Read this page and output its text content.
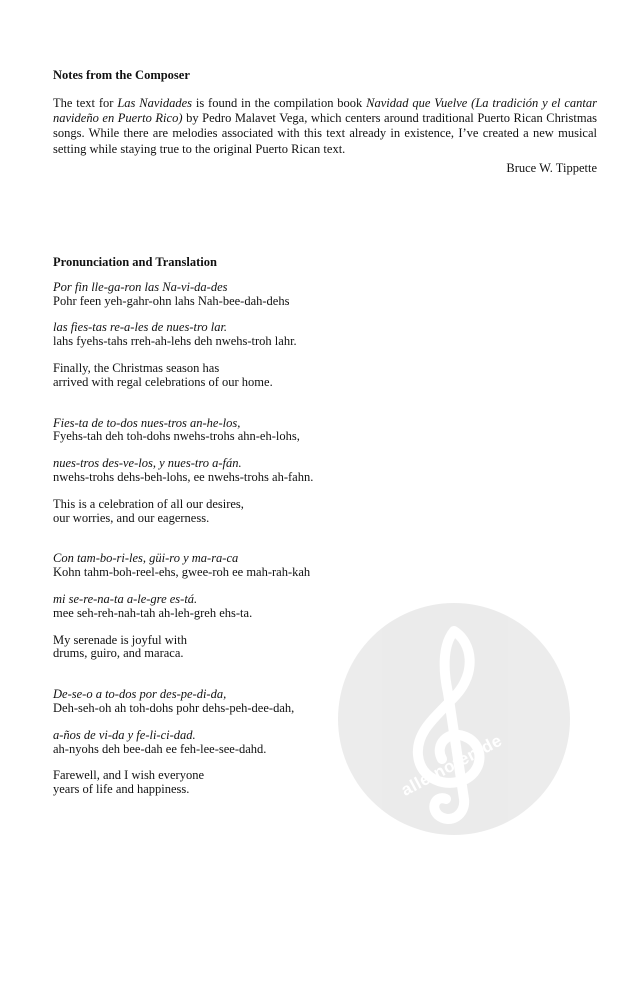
Notes from the Composer

The text for Las Navidades is found in the compilation book Navidad que Vuelve (La tradición y el cantar navideño en Puerto Rico) by Pedro Malavet Vega, which centers around traditional Puerto Rican Christmas songs. While there are melodies associated with this text already in existence, I’ve created a new musical setting while staying true to the original Puerto Rican text.

Bruce W. Tippette

Pronunciation and Translation
Por fin lle-ga-ron las Na-vi-da-des
Pohr feen yeh-gahr-ohn lahs Nah-bee-dah-dehs
las fies-tas re-a-les de nues-tro lar.
lahs fyehs-tahs rreh-ah-lehs deh nwehs-troh lahr.
Finally, the Christmas season has
arrived with regal celebrations of our home.
Fies-ta de to-dos nues-tros an-he-los,
Fyehs-tah deh toh-dohs nwehs-trohs ahn-eh-lohs,
nues-tros des-ve-los, y nues-tro a-fán.
nwehs-trohs dehs-beh-lohs, ee nwehs-trohs ah-fahn.
This is a celebration of all our desires,
our worries, and our eagerness.
Con tam-bo-ri-les, güi-ro y ma-ra-ca
Kohn tahm-boh-reel-ehs, gwee-roh ee mah-rah-kah
mi se-re-na-ta a-le-gre es-tá.
mee seh-reh-nah-tah ah-leh-greh ehs-ta.
My serenade is joyful with
drums, guiro, and maraca.
De-se-o a to-dos por des-pe-di-da,
Deh-seh-oh ah toh-dohs pohr dehs-peh-dee-dah,
a-ños de vi-da y fe-li-ci-dad.
ah-nyohs deh bee-dah ee feh-lee-see-dahd.
Farewell, and I wish everyone
years of life and happiness.	alle-noten.de
